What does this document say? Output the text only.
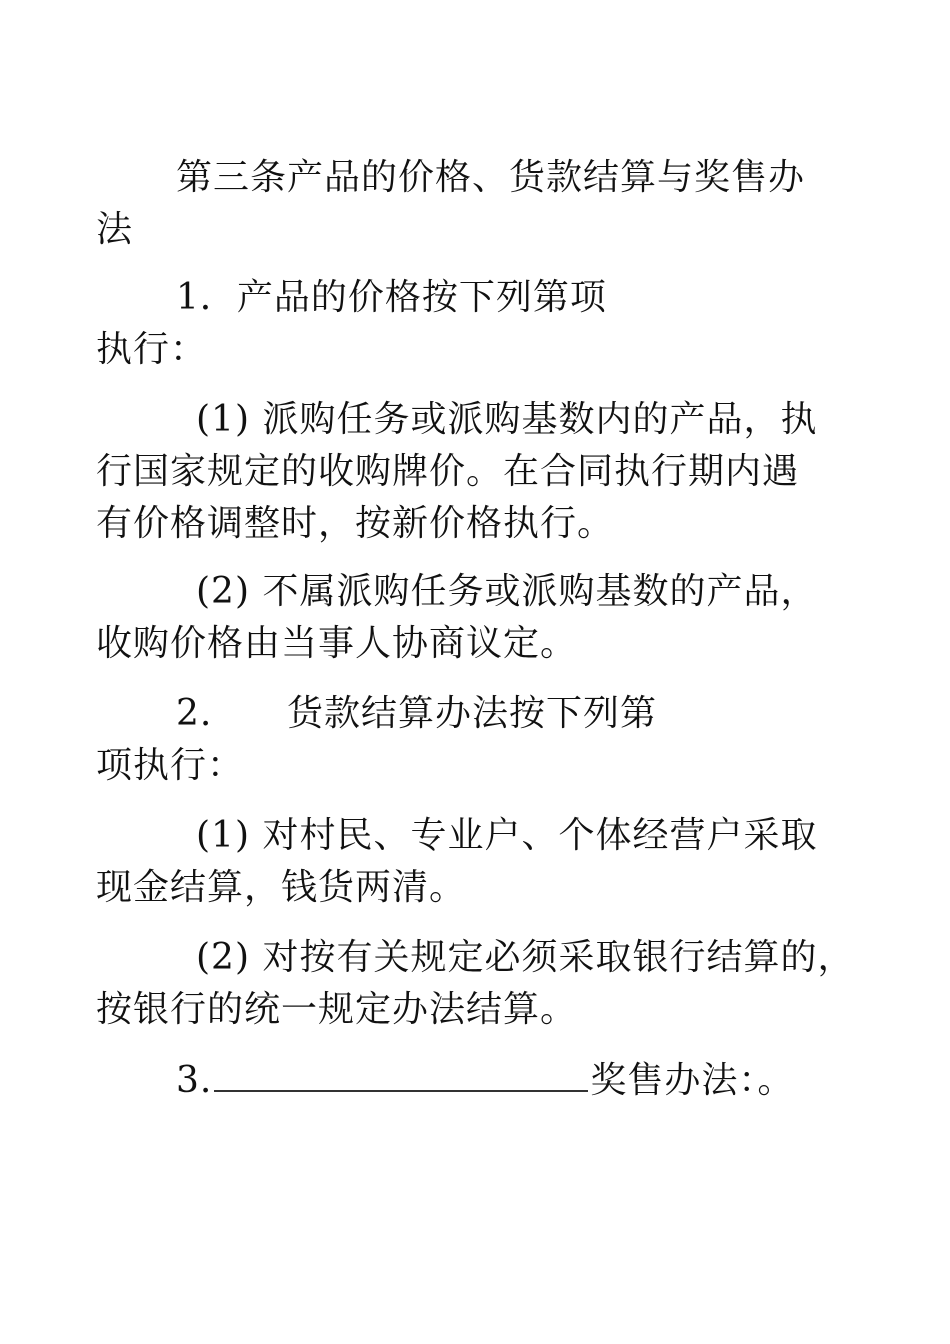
第三条产品的价格、货款结算与奖售办
法
1．产品的价格按下列第项
执行：
(1) 派购任务或派购基数内的产品，执
行国家规定的收购牌价。在合同执行期内遇
有价格调整时，按新价格执行。
(2) 不属派购任务或派购基数的产品，
收购价格由当事人协商议定。
2.      货款结算办法按下列第
项执行：
(1) 对村民、专业户、个体经营户采取
现金结算，钱货两清。
(2) 对按有关规定必须采取银行结算的，
按银行的统一规定办法结算。
3.	奖售办法：。
